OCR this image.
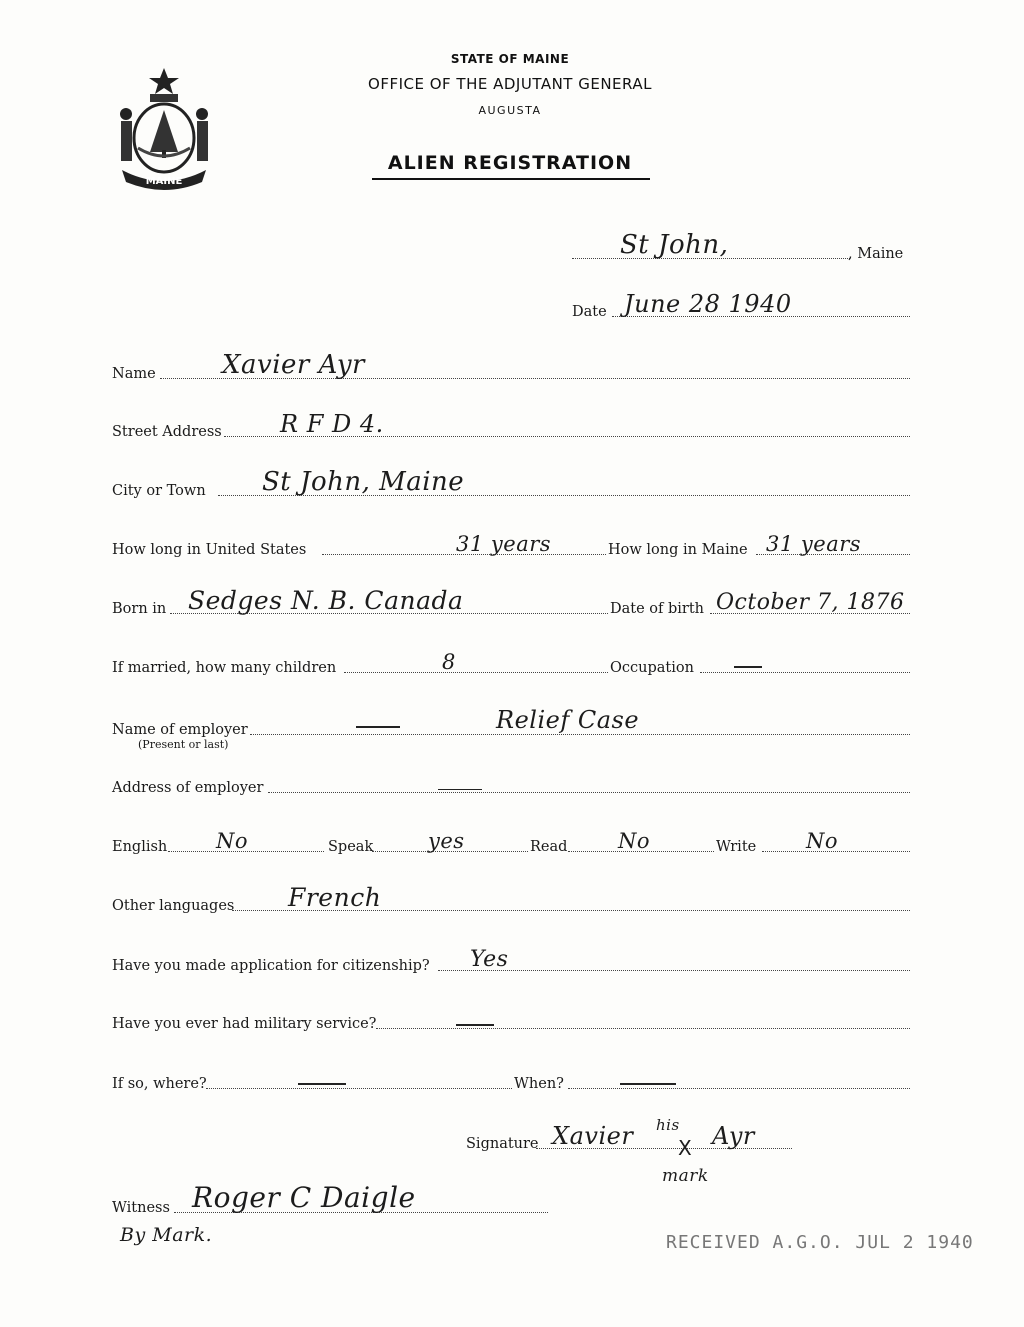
MAINE
STATE OF MAINE
OFFICE OF THE ADJUTANT GENERAL
AUGUSTA
ALIEN REGISTRATION
St John,	, Maine
Date June 28 1940
Name	Xavier Ayr
Street Address R F D 4.
City or Town St John, Maine
How long in United States	31 years	How long in Maine 31 years
Born in Sedges N. B. Canada	Date of birth October 7, 1876
If married, how many children	8	Occupation
Name of employer
(Present or last)
Relief Case
Address of employer
English No	Speak	yes	Read No	Write No
Other languages French
Have you made application for citizenship? Yes
Have you ever had military service?
If so, where?	When?
Signature Xavier his
X Ayr
mark
Witness Roger C Daigle
By Mark.	RECEIVED A.G.O. JUL 2 1940
